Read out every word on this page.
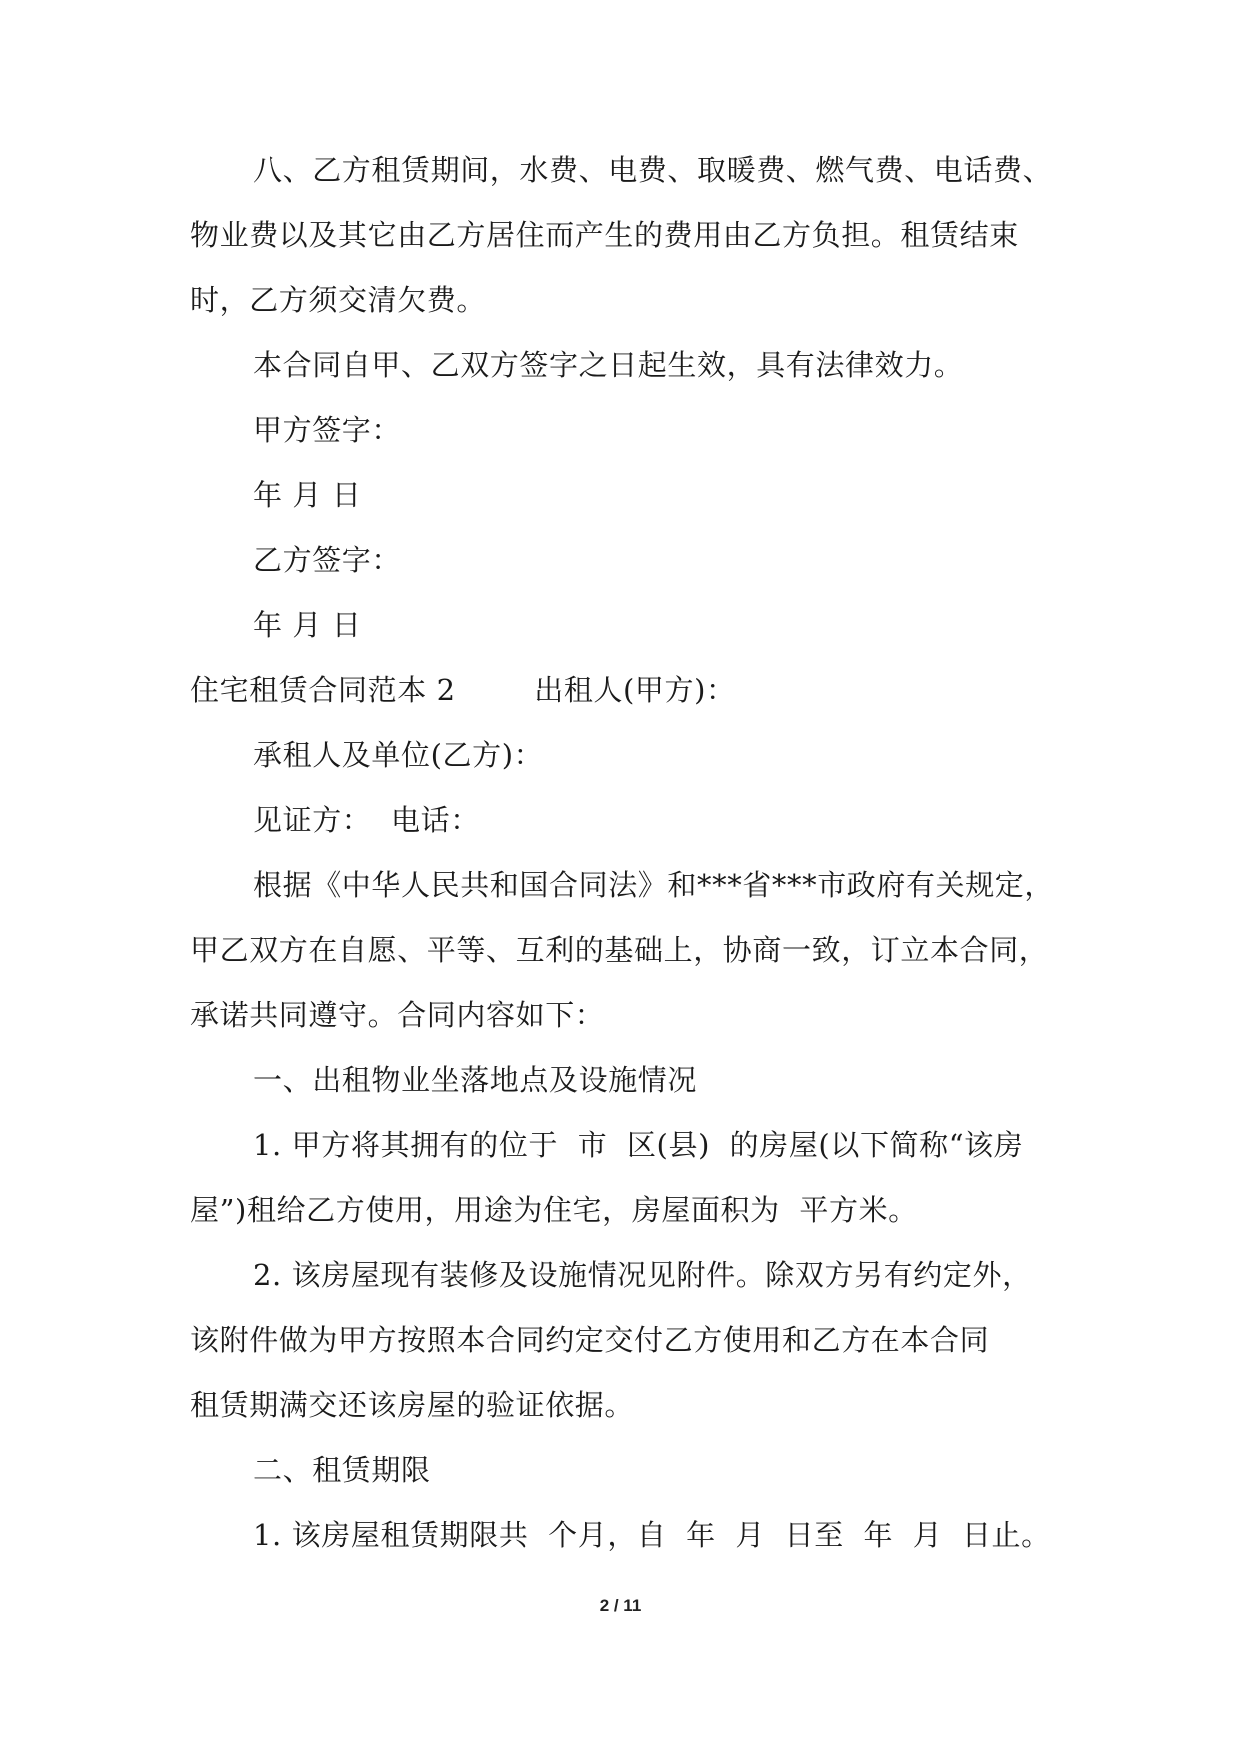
八、乙方租赁期间，水费、电费、取暖费、燃气费、电话费、
物业费以及其它由乙方居住而产生的费用由乙方负担。租赁结束
时，乙方须交清欠费。
本合同自甲、乙双方签字之日起生效，具有法律效力。
甲方签字：
年 月 日
乙方签字：
年 月 日
住宅租赁合同范本 2        出租人(甲方)：
承租人及单位(乙方)：
见证方：  电话：
根据《中华人民共和国合同法》和***省***市政府有关规定，
甲乙双方在自愿、平等、互利的基础上，协商一致，订立本合同，
承诺共同遵守。合同内容如下：
一、出租物业坐落地点及设施情况
1. 甲方将其拥有的位于  市  区(县)  的房屋(以下简称“该房
屋”)租给乙方使用，用途为住宅，房屋面积为  平方米。
2. 该房屋现有装修及设施情况见附件。除双方另有约定外，
该附件做为甲方按照本合同约定交付乙方使用和乙方在本合同
租赁期满交还该房屋的验证依据。
二、租赁期限
1. 该房屋租赁期限共  个月，自  年  月  日至  年  月  日止。
2 / 11
